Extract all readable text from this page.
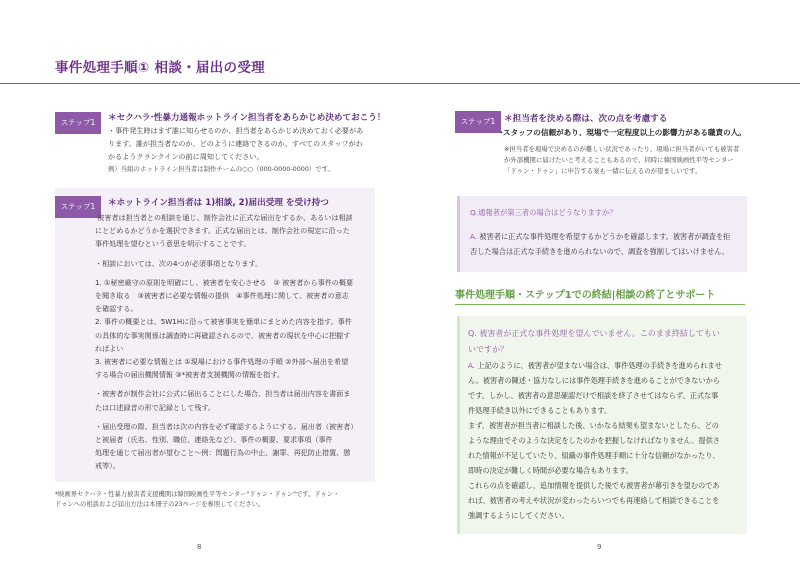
事件処理手順① 相談・届出の受理
ステップ1	＊セクハラ·性暴力通報ホットライン担当者をあらかじめ決めておこう！

・事件発生時はまず誰に知らせるのか、担当者をあらかじめ決めておく必要があ

ります。誰が担当者なのか、どのように連絡できるのか、すべてのスタッフがわ

かるようクランクインの前に周知してください。

例）当組のホットライン担当者は制作チームの○○（000-0000-0000）です。
ステップ1	＊ホットライン担当者は 1)相談, 2)届出受理 を受け持つ

·被害者は担当者との相談を通じ、制作会社に正式な届出をするか、あるいは相談

にとどめるかどうかを選択できます。正式な届出とは、制作会社の規定に沿った

事件処理を望むという意思を明示することです。

・相談においては、次の4つが必須事項となります。

1. ①秘密厳守の原則を明確にし、被害者を安心させる　② 被害者から事件の概要

を聞き取る　③被害者に必要な情報の提供　④事件処理に関して、被害者の意志

を確認する。

2. 事件の概要とは、5W1Hに沿って被害事実を簡単にまとめた内容を指す。事件

の具体的な事実関係は調査時に再確認されるので、被害者の現状を中心に把握す

ればよい

3. 被害者に必要な情報とは ①現場における事件処理の手順 ②外部へ届出を希望

する場合の届出機関情報 ③*被害者支援機関の情報を指す。

・被害者が制作会社に公式に届出ることにした場合、担当者は届出内容を書面ま

たは口述録音の形で記録として残す。

・届出受理の際、担当者は次の内容を必ず確認するようにする。届出者（被害者）

と被届者（氏名、性別、職位、連絡先など）、事件の概要、要求事項（事件

処理を通じて届出者が望むこと～例：問題行為の中止、謝罪、再犯防止措置、懲

戒等）。

*映画界セクハラ・性暴力被害者支援機関は韓国映画性平等センター"ドゥン・ドゥン"です。ドゥン・

ドゥンへの相談および届出方法は本冊子の23ページを参照してください。

8
ステップ1	＊担当者を決める際は、次の点を考慮する
·スタッフの信頼があり、現場で一定程度以上の影響力がある職責の人。

※担当者を現場で決めるのが難しい状況であったり、現場に担当者がいても被害者

が外部機関に届けたいと考えることもあるので、同時に韓国映画性平等センター

「ドゥン・ドゥン」に申告する案も一緒に伝えるのが望ましいです。

Q.通報者が第三者の場合はどうなりますか？

A. 被害者に正式な事件処理を希望するかどうかを確認します。被害者が調査を拒

否した場合は正式な手続きを進められないので、調査を強制してはいけません。

事件処理手順・ステップ1での終結|相談の終了とサポート

Q. 被害者が正式な事件処理を望んでいません。このまま終結してもい

いですか？

A. 上記のように、被害者が望まない場合は、事件処理の手続きを進められませ

ん。被害者の陳述・協力なしには事件処理手続きを進めることができないから

です。しかし、被害者の意思確認だけで相談を終了させてはならず、正式な事

件処理手続き以外にできることもあります。

まず、被害者が担当者に相談した後、いかなる結果も望まないとしたら、どの

ような理由でそのような決定をしたのかを把握しなければなりません。提供さ

れた情報が不足していたり、組織の事件処理手順に十分な信頼がなかったり、

即時の決定が難しく時間が必要な場合もあります。

これらの点を確認し、追加情報を提供した後でも被害者が幕引きを望むのであ

れば、被害者の考えや状況が変わったらいつでも再連絡して相談できることを

強調するようにしてください。

9
